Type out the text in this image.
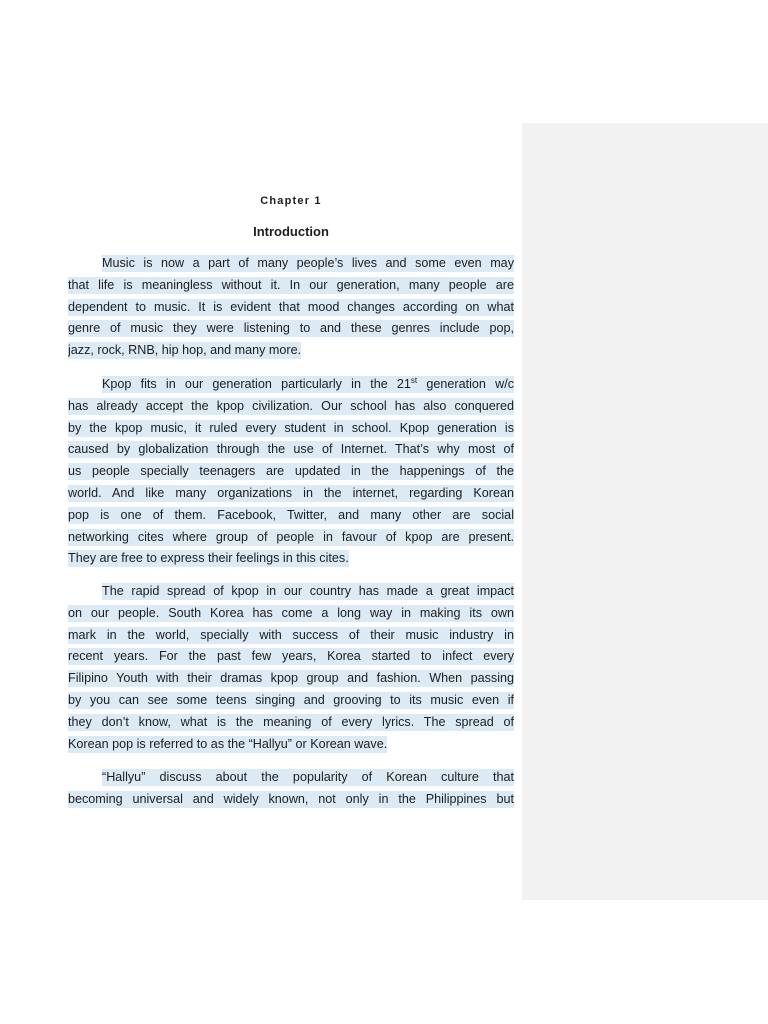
Chapter 1
Introduction
Music is now a part of many people’s lives and some even may
that life is meaningless without it. In our generation, many people are
dependent to music. It is evident that mood changes according on what
genre of music they were listening to and these genres include pop,
jazz, rock, RNB, hip hop, and many more.
Kpop fits in our generation particularly in the 21st generation w/c
has already accept the kpop civilization. Our school has also conquered
by the kpop music, it ruled every student in school. Kpop generation is
caused by globalization through the use of Internet. That’s why most of
us people specially teenagers are updated in the happenings of the
world. And like many organizations in the internet, regarding Korean
pop is one of them. Facebook, Twitter, and many other are social
networking cites where group of people in favour of kpop are present.
They are free to express their feelings in this cites.
The rapid spread of kpop in our country has made a great impact
on our people. South Korea has come a long way in making its own
mark in the world, specially with success of their music industry in
recent years. For the past few years, Korea started to infect every
Filipino Youth with their dramas kpop group and fashion. When passing
by you can see some teens singing and grooving to its music even if
they don’t know, what is the meaning of every lyrics. The spread of
Korean pop is referred to as the “Hallyu” or Korean wave.
“Hallyu” discuss about the popularity of Korean culture that
becoming universal and widely known, not only in the Philippines but
